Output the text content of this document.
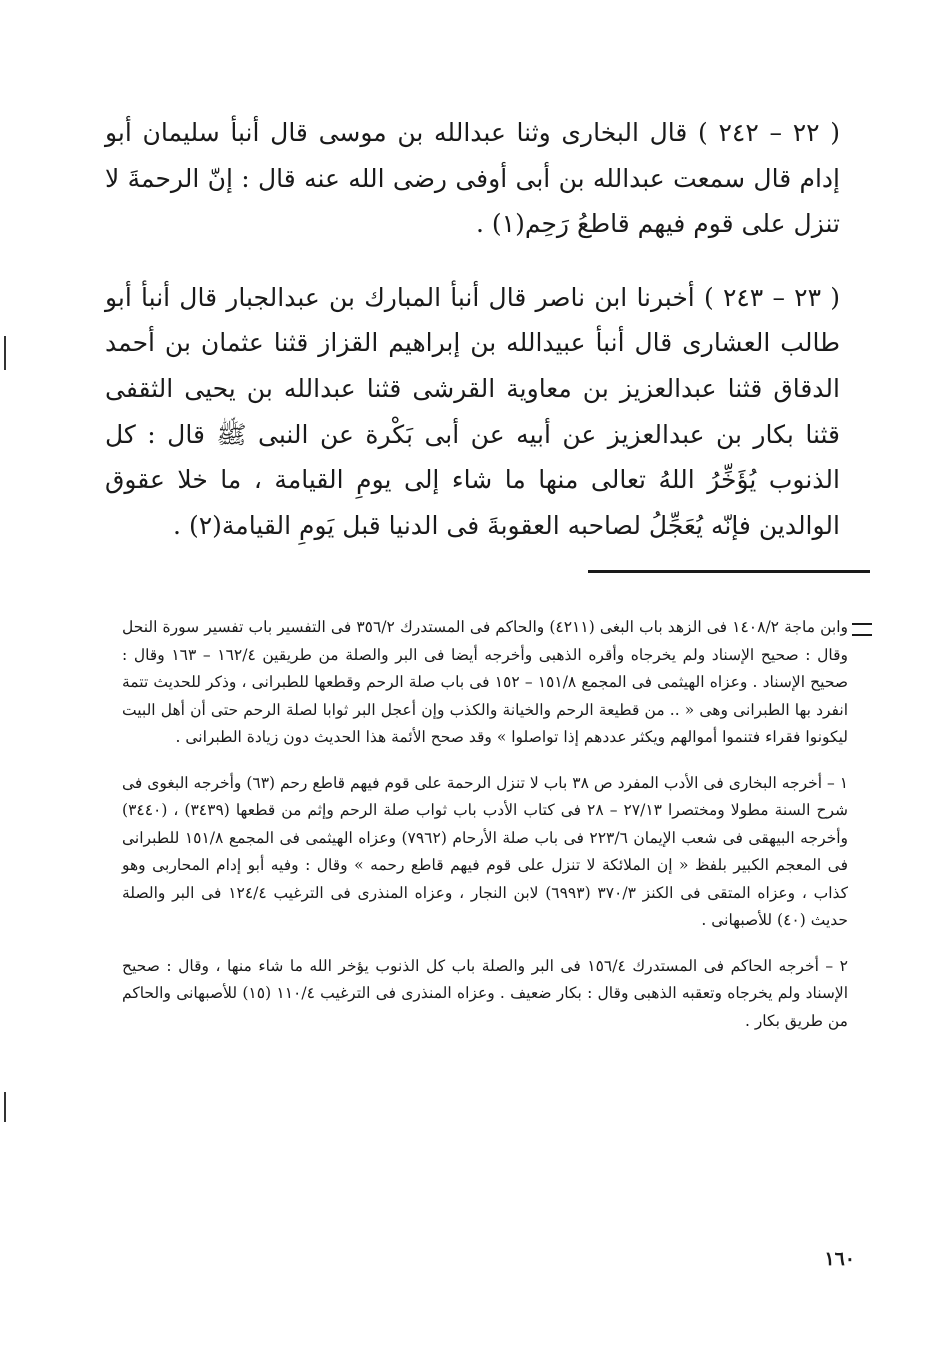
( ٢٢ – ٢٤٢ ) قال البخارى وثنا عبدالله بن موسى قال أنبأ سليمان أبو إدام قال سمعت عبدالله بن أبى أوفى رضى الله عنه قال : إنّ الرحمةَ لا تنزل على قوم فيهم قاطعُ رَحِم(١) .

( ٢٣ – ٢٤٣ ) أخبرنا ابن ناصر قال أنبأ المبارك بن عبدالجبار قال أنبأ أبو طالب العشارى قال أنبأ عبيدالله بن إبراهيم القزاز قثنا عثمان بن أحمد الدقاق قثنا عبدالعزيز بن معاوية القرشى قثنا عبدالله بن يحيى الثقفى قثنا بكار بن عبدالعزيز عن أبيه عن أبى بَكْرة عن النبى ﷺ قال : كل الذنوب يُؤَخِّرُ اللهُ تعالى منها ما شاء إلى يومِ القيامة ، ما خلا عقوق الوالدين فإنّه يُعَجِّلُ لصاحبه العقوبةَ فى الدنيا قبل يَومِ القيامة(٢) .

وابن ماجة ١٤٠٨/٢ فى الزهد باب البغى (٤٢١١) والحاكم فى المستدرك ٣٥٦/٢ فى التفسير باب تفسير سورة النحل وقال : صحيح الإسناد ولم يخرجاه وأقره الذهبى وأخرجه أيضا فى البر والصلة من طريقين ١٦٢/٤ – ١٦٣ وقال : صحيح الإسناد . وعزاه الهيثمى فى المجمع ١٥١/٨ – ١٥٢ فى باب صلة الرحم وقطعها للطبرانى ، وذكر للحديث تتمة انفرد بها الطبرانى وهى « .. من قطيعة الرحم والخيانة والكذب وإن أعجل البر ثوابا لصلة الرحم حتى أن أهل البيت ليكونوا فقراء فتنموا أموالهم ويكثر عددهم إذا تواصلوا » وقد صحح الأئمة هذا الحديث دون زيادة الطبرانى .

١ – أخرجه البخارى فى الأدب المفرد ص ٣٨ باب لا تنزل الرحمة على قوم فيهم قاطع رحم (٦٣) وأخرجه البغوى فى شرح السنة مطولا ومختصرا ٢٧/١٣ – ٢٨ فى كتاب الأدب باب ثواب صلة الرحم وإثم من قطعها (٣٤٣٩) ، (٣٤٤٠) وأخرجه البيهقى فى شعب الإيمان ٢٢٣/٦ فى باب صلة الأرحام (٧٩٦٢) وعزاه الهيثمى فى المجمع ١٥١/٨ للطبرانى فى المعجم الكبير بلفظ « إن الملائكة لا تنزل على قوم فيهم قاطع رحمه » وقال : وفيه أبو إدام المحاربى وهو كذاب ، وعزاه المتقى فى الكنز ٣٧٠/٣ (٦٩٩٣) لابن النجار ، وعزاه المنذرى فى الترغيب ١٢٤/٤ فى البر والصلة حديث (٤٠) للأصبهانى .

٢ – أخرجه الحاكم فى المستدرك ١٥٦/٤ فى البر والصلة باب كل الذنوب يؤخر الله ما شاء منها ، وقال : صحيح الإسناد ولم يخرجاه وتعقبه الذهبى وقال : بكار ضعيف . وعزاه المنذرى فى الترغيب ١١٠/٤ (١٥) للأصبهانى والحاكم من طريق بكار .

١٦٠
